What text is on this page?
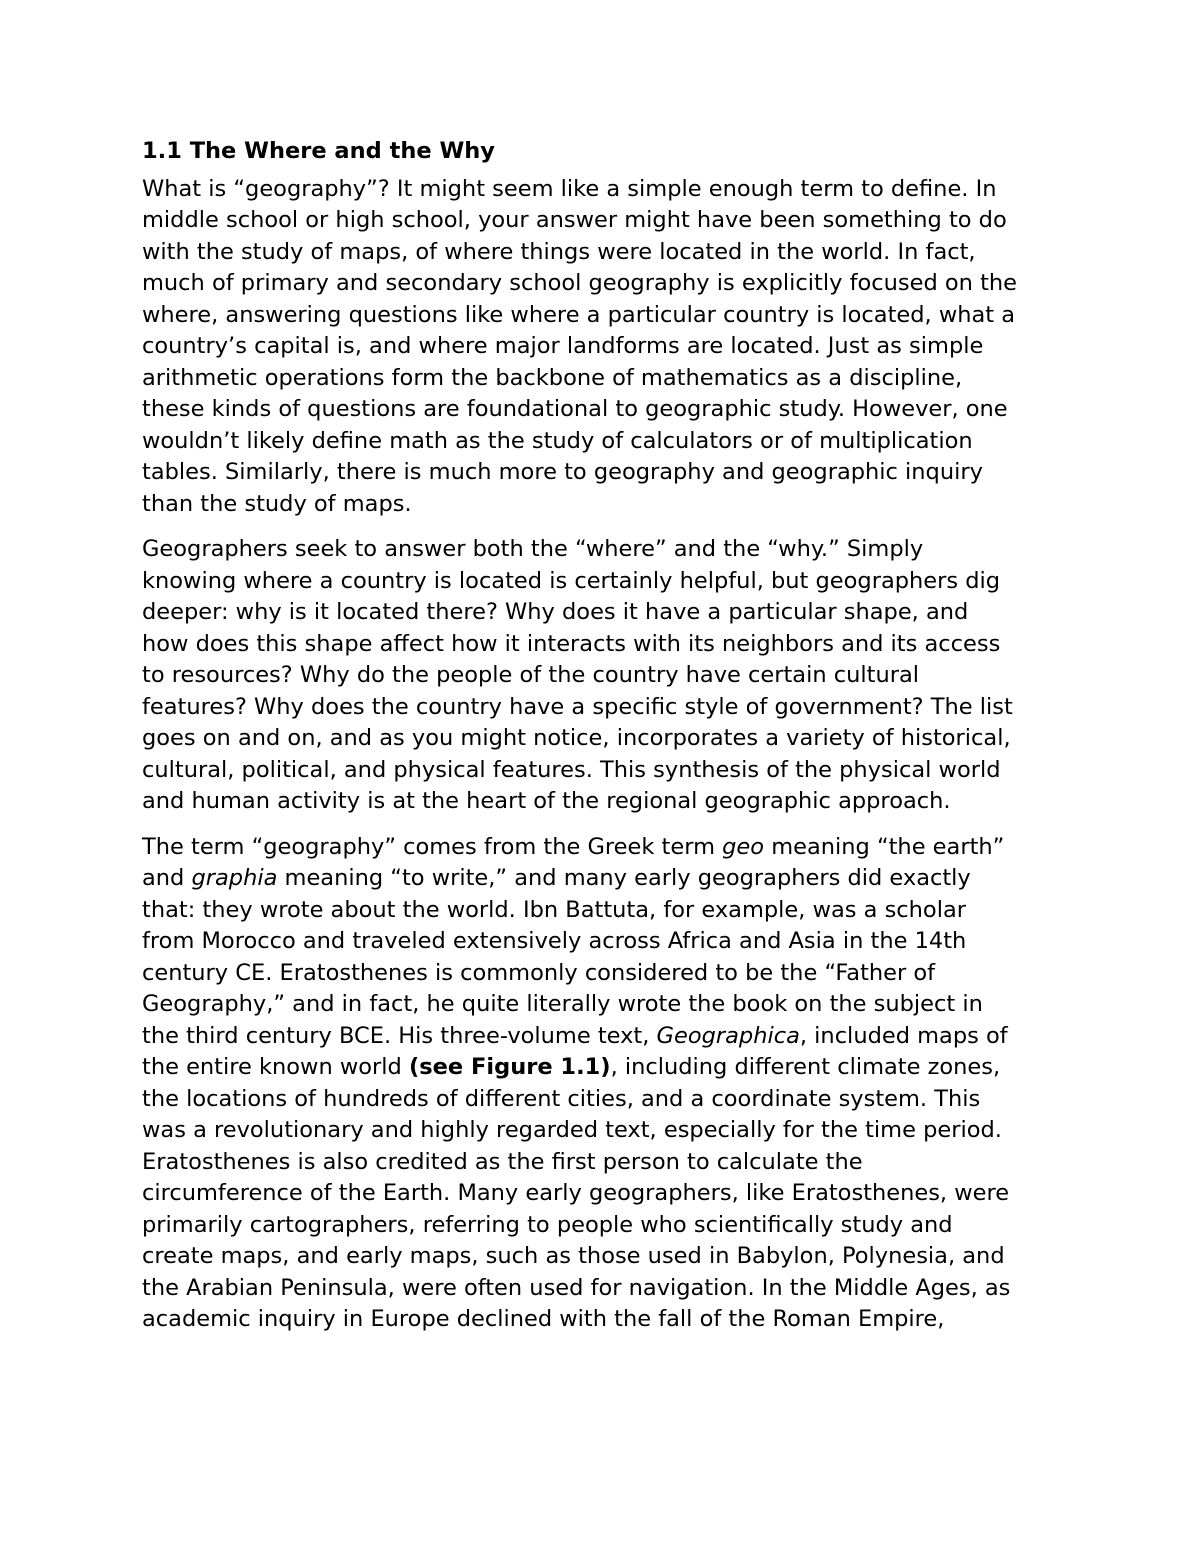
1.1 The Where and the Why
What is “geography”? It might seem like a simple enough term to define. In
middle school or high school, your answer might have been something to do
with the study of maps, of where things were located in the world. In fact,
much of primary and secondary school geography is explicitly focused on the
where, answering questions like where a particular country is located, what a
country’s capital is, and where major landforms are located. Just as simple
arithmetic operations form the backbone of mathematics as a discipline,
these kinds of questions are foundational to geographic study. However, one
wouldn’t likely define math as the study of calculators or of multiplication
tables. Similarly, there is much more to geography and geographic inquiry
than the study of maps.
Geographers seek to answer both the “where” and the “why.” Simply
knowing where a country is located is certainly helpful, but geographers dig
deeper: why is it located there? Why does it have a particular shape, and
how does this shape affect how it interacts with its neighbors and its access
to resources? Why do the people of the country have certain cultural
features? Why does the country have a specific style of government? The list
goes on and on, and as you might notice, incorporates a variety of historical,
cultural, political, and physical features. This synthesis of the physical world
and human activity is at the heart of the regional geographic approach.
The term “geography” comes from the Greek term geo meaning “the earth”
and graphia meaning “to write,” and many early geographers did exactly
that: they wrote about the world. Ibn Battuta, for example, was a scholar
from Morocco and traveled extensively across Africa and Asia in the 14th
century CE. Eratosthenes is commonly considered to be the “Father of
Geography,” and in fact, he quite literally wrote the book on the subject in
the third century BCE. His three-volume text, Geographica, included maps of
the entire known world (see Figure 1.1), including different climate zones,
the locations of hundreds of different cities, and a coordinate system. This
was a revolutionary and highly regarded text, especially for the time period.
Eratosthenes is also credited as the first person to calculate the
circumference of the Earth. Many early geographers, like Eratosthenes, were
primarily cartographers, referring to people who scientifically study and
create maps, and early maps, such as those used in Babylon, Polynesia, and
the Arabian Peninsula, were often used for navigation. In the Middle Ages, as
academic inquiry in Europe declined with the fall of the Roman Empire,
